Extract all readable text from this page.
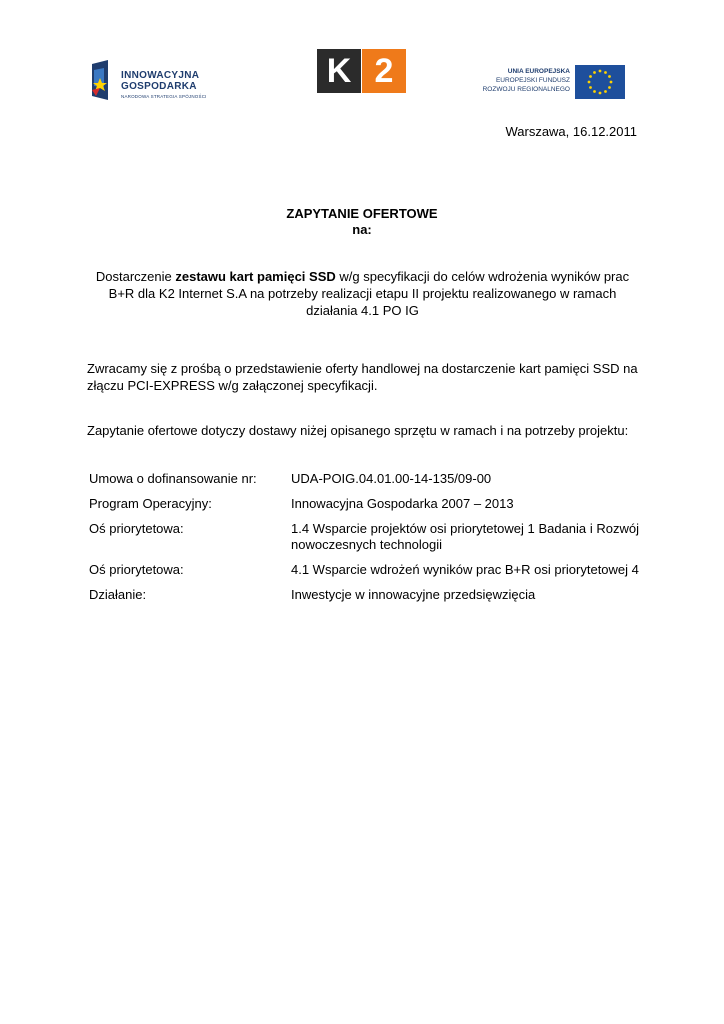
INNOWACYJNA
GOSPODARKA
NARODOWA STRATEGIA SPÓJNOŚCI
K 2	UNIA EUROPEJSKA
EUROPEJSKI FUNDUSZ
ROZWOJU REGIONALNEGO
Warszawa, 16.12.2011
ZAPYTANIE OFERTOWE
na:
Dostarczenie zestawu kart pamięci SSD w/g specyfikacji do celów wdrożenia wyników prac B+R dla K2 Internet S.A na potrzeby realizacji etapu II projektu realizowanego w ramach działania 4.1 PO IG
Zwracamy się z prośbą o przedstawienie oferty handlowej na dostarczenie kart pamięci SSD na złączu PCI-EXPRESS w/g załączonej specyfikacji.
Zapytanie ofertowe dotyczy dostawy niżej opisanego sprzętu w ramach i na potrzeby projektu:
Umowa o dofinansowanie nr:	UDA-POIG.04.01.00-14-135/09-00
Program Operacyjny:	Innowacyjna Gospodarka 2007 – 2013
Oś priorytetowa:	1.4 Wsparcie projektów osi priorytetowej 1 Badania i Rozwój nowoczesnych technologii
Oś priorytetowa:	4.1 Wsparcie wdrożeń wyników prac B+R osi priorytetowej 4
Działanie:	Inwestycje w innowacyjne przedsięwzięcia
